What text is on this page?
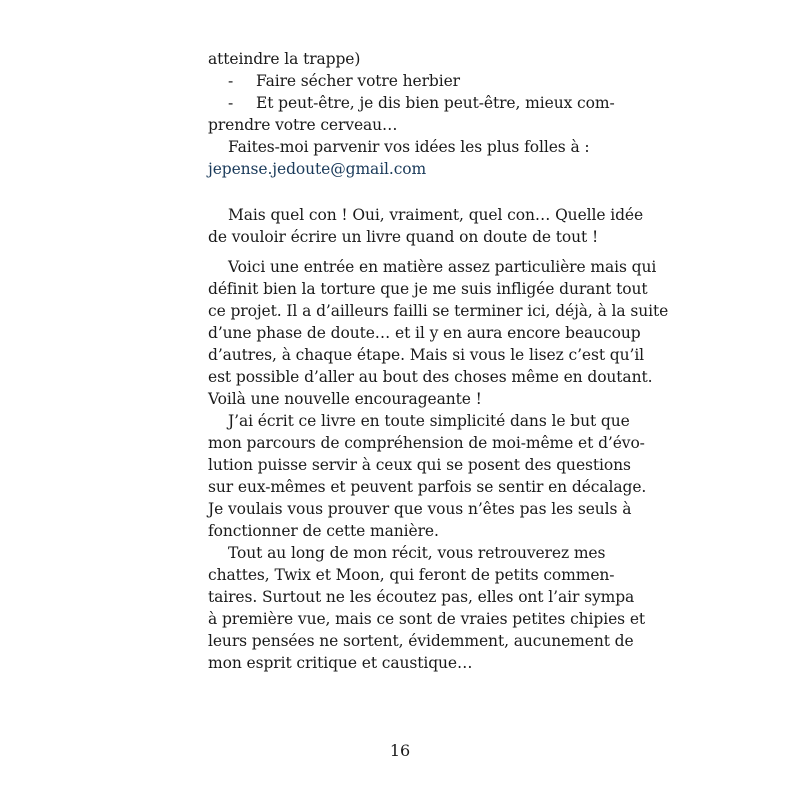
atteindre la trappe)
- Faire sécher votre herbier
- Et peut-être, je dis bien peut-être, mieux com-
prendre votre cerveau…
Faites-moi parvenir vos idées les plus folles à :
jepense.jedoute@gmail.com
Mais quel con ! Oui, vraiment, quel con… Quelle idée
de vouloir écrire un livre quand on doute de tout !
Voici une entrée en matière assez particulière mais qui
définit bien la torture que je me suis infligée durant tout
ce projet. Il a d’ailleurs failli se terminer ici, déjà, à la suite
d’une phase de doute… et il y en aura encore beaucoup
d’autres, à chaque étape. Mais si vous le lisez c’est qu’il
est possible d’aller au bout des choses même en doutant.
Voilà une nouvelle encourageante !
J’ai écrit ce livre en toute simplicité dans le but que
mon parcours de compréhension de moi-même et d’évo-
lution puisse servir à ceux qui se posent des questions
sur eux-mêmes et peuvent parfois se sentir en décalage.
Je voulais vous prouver que vous n’êtes pas les seuls à
fonctionner de cette manière.
Tout au long de mon récit, vous retrouverez mes
chattes, Twix et Moon, qui feront de petits commen-
taires. Surtout ne les écoutez pas, elles ont l’air sympa
à première vue, mais ce sont de vraies petites chipies et
leurs pensées ne sortent, évidemment, aucunement de
mon esprit critique et caustique…
16
